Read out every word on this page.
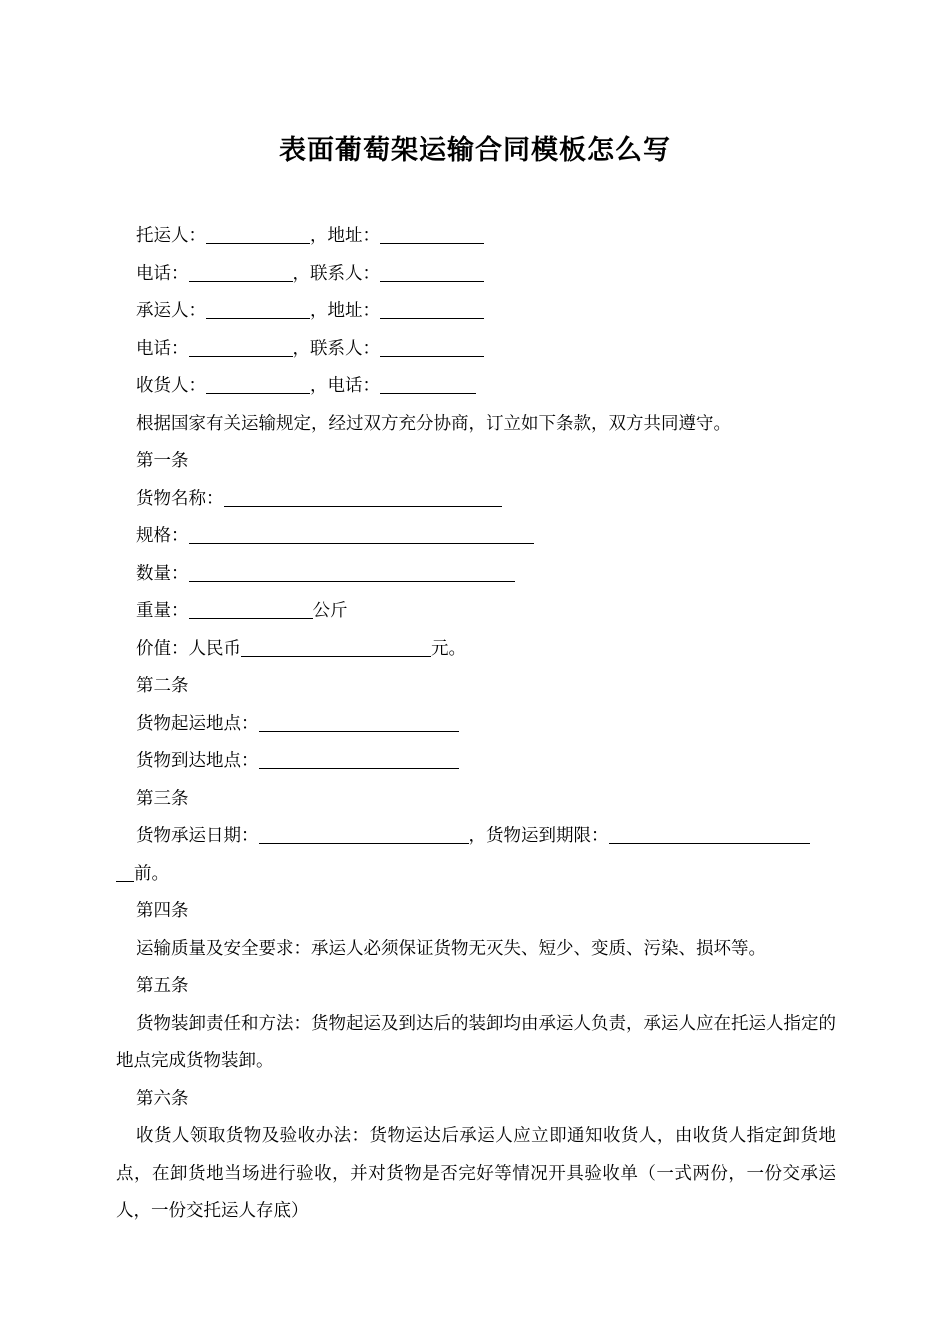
表面葡萄架运输合同模板怎么写
托运人：	，地址：
电话：	，联系人：
承运人：	，地址：
电话：	，联系人：
收货人：	，电话：
根据国家有关运输规定，经过双方充分协商，订立如下条款，双方共同遵守。
第一条
货物名称：
规格：
数量：
重量：	公斤
价值：人民币	元。
第二条
货物起运地点：
货物到达地点：
第三条
货物承运日期：	，货物运到期限：
前。
第四条
运输质量及安全要求：承运人必须保证货物无灭失、短少、变质、污染、损坏等。
第五条
货物装卸责任和方法：货物起运及到达后的装卸均由承运人负责，承运人应在托运人指定的地点完成货物装卸。
第六条
收货人领取货物及验收办法：货物运达后承运人应立即通知收货人，由收货人指定卸货地点，在卸货地当场进行验收，并对货物是否完好等情况开具验收单（一式两份，一份交承运人，一份交托运人存底）
